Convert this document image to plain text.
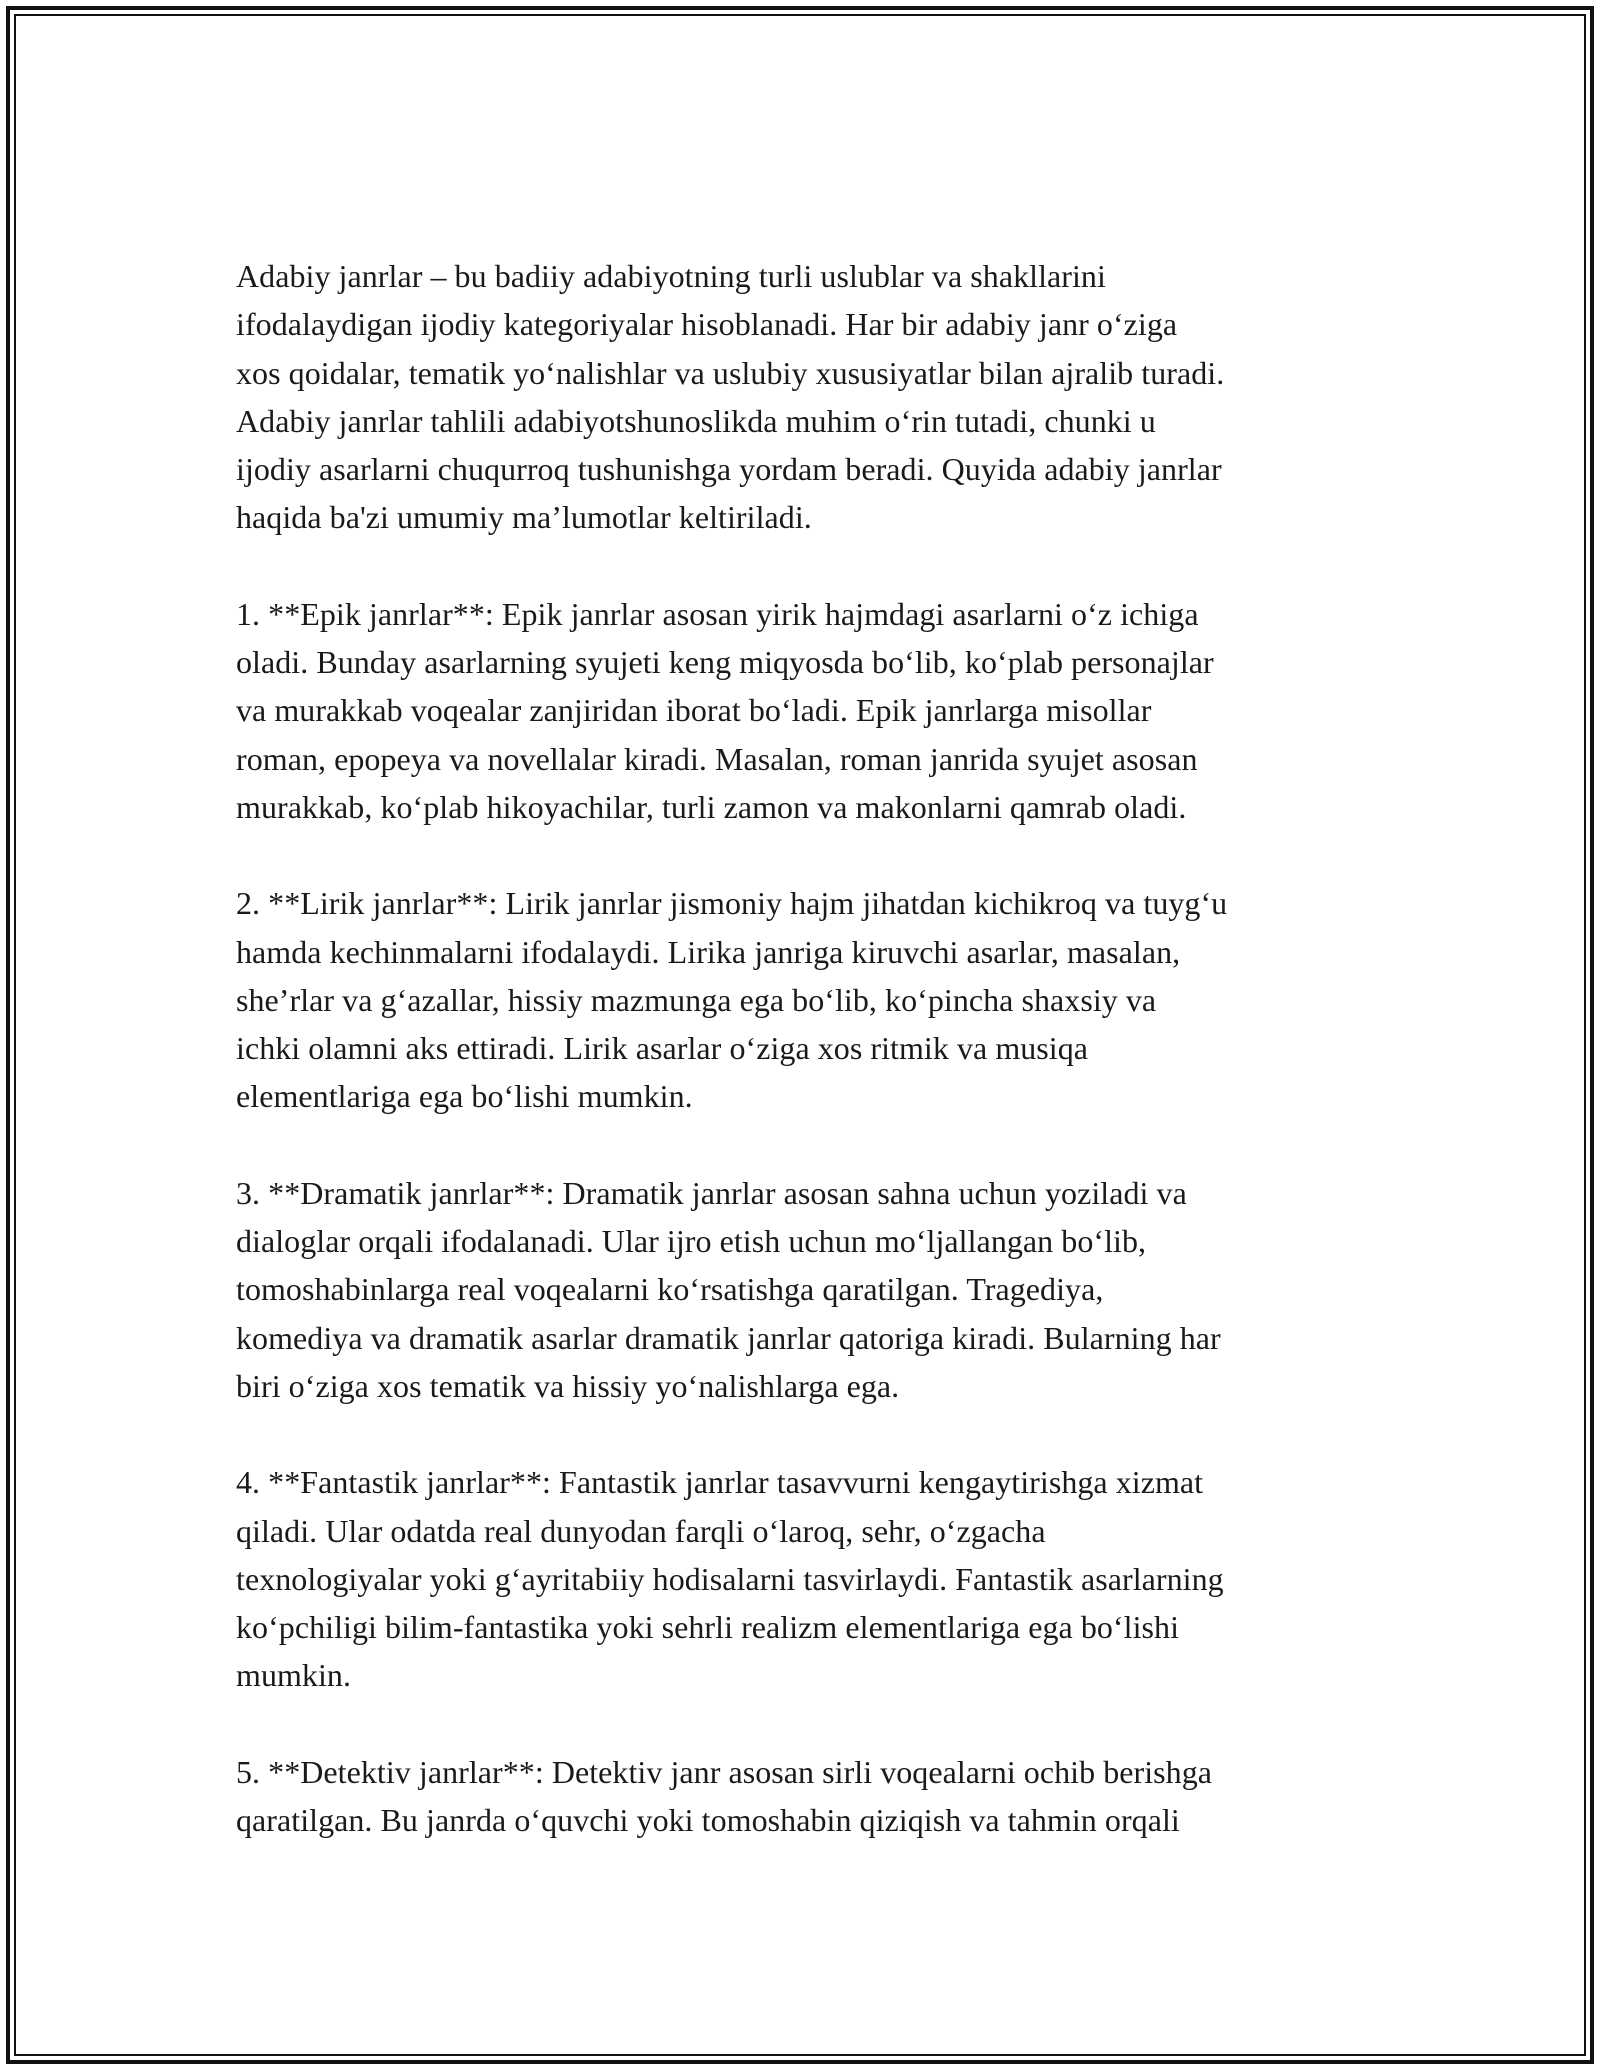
Adabiy janrlar – bu badiiy adabiyotning turli uslublar va shakllarini
ifodalaydigan ijodiy kategoriyalar hisoblanadi. Har bir adabiy janr o‘ziga
xos qoidalar, tematik yo‘nalishlar va uslubiy xususiyatlar bilan ajralib turadi.
Adabiy janrlar tahlili adabiyotshunoslikda muhim o‘rin tutadi, chunki u
ijodiy asarlarni chuqurroq tushunishga yordam beradi. Quyida adabiy janrlar
haqida ba'zi umumiy ma’lumotlar keltiriladi.

1. **Epik janrlar**: Epik janrlar asosan yirik hajmdagi asarlarni o‘z ichiga
oladi. Bunday asarlarning syujeti keng miqyosda bo‘lib, ko‘plab personajlar
va murakkab voqealar zanjiridan iborat bo‘ladi. Epik janrlarga misollar
roman, epopeya va novellalar kiradi. Masalan, roman janrida syujet asosan
murakkab, ko‘plab hikoyachilar, turli zamon va makonlarni qamrab oladi.

2. **Lirik janrlar**: Lirik janrlar jismoniy hajm jihatdan kichikroq va tuyg‘u
hamda kechinmalarni ifodalaydi. Lirika janriga kiruvchi asarlar, masalan,
she’rlar va g‘azallar, hissiy mazmunga ega bo‘lib, ko‘pincha shaxsiy va
ichki olamni aks ettiradi. Lirik asarlar o‘ziga xos ritmik va musiqa
elementlariga ega bo‘lishi mumkin.

3. **Dramatik janrlar**: Dramatik janrlar asosan sahna uchun yoziladi va
dialoglar orqali ifodalanadi. Ular ijro etish uchun mo‘ljallangan bo‘lib,
tomoshabinlarga real voqealarni ko‘rsatishga qaratilgan. Tragediya,
komediya va dramatik asarlar dramatik janrlar qatoriga kiradi. Bularning har
biri o‘ziga xos tematik va hissiy yo‘nalishlarga ega.

4. **Fantastik janrlar**: Fantastik janrlar tasavvurni kengaytirishga xizmat
qiladi. Ular odatda real dunyodan farqli o‘laroq, sehr, o‘zgacha
texnologiyalar yoki g‘ayritabiiy hodisalarni tasvirlaydi. Fantastik asarlarning
ko‘pchiligi bilim-fantastika yoki sehrli realizm elementlariga ega bo‘lishi
mumkin.

5. **Detektiv janrlar**: Detektiv janr asosan sirli voqealarni ochib berishga
qaratilgan. Bu janrda o‘quvchi yoki tomoshabin qiziqish va tahmin orqali
